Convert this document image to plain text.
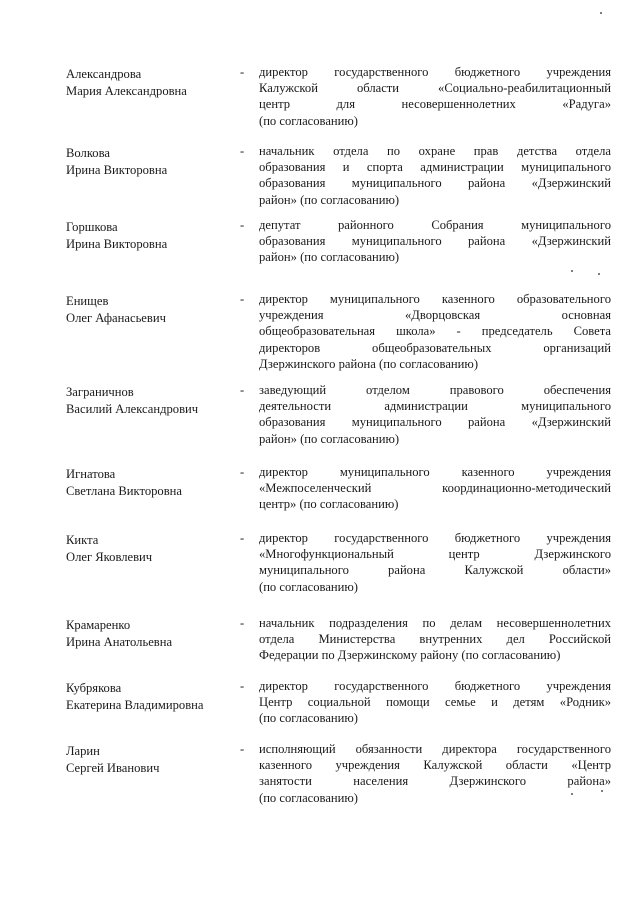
Александрова
Мария Александровна
- директор государственного бюджетного учреждения
Калужской области «Социально-реабилитационный
центр для несовершеннолетних «Радуга»
(по согласованию)
Волкова
Ирина Викторовна
- начальник отдела по охране прав детства отдела
образования и спорта администрации муниципального
образования муниципального района «Дзержинский
район» (по согласованию)
Горшкова
Ирина Викторовна
- депутат районного Собрания муниципального
образования муниципального района «Дзержинский
район» (по согласованию)
Енищев
Олег Афанасьевич
- директор муниципального казенного образовательного
учреждения «Дворцовская основная
общеобразовательная школа» - председатель Совета
директоров общеобразовательных организаций
Дзержинского района (по согласованию)
Заграничнов
Василий Александрович
- заведующий отделом правового обеспечения
деятельности администрации муниципального
образования муниципального района «Дзержинский
район» (по согласованию)
Игнатова
Светлана Викторовна
- директор муниципального казенного учреждения
«Межпоселенческий координационно-методический
центр» (по согласованию)
Кикта
Олег Яковлевич
- директор государственного бюджетного учреждения
«Многофункциональный центр Дзержинского
муниципального района Калужской области»
(по согласованию)
Крамаренко
Ирина Анатольевна
- начальник подразделения по делам несовершеннолетних
отдела Министерства внутренних дел Российской
Федерации по Дзержинскому району (по согласованию)
Кубрякова
Екатерина Владимировна
- директор государственного бюджетного учреждения
Центр социальной помощи семье и детям «Родник»
(по согласованию)
Ларин
Сергей Иванович
- исполняющий обязанности директора государственного
казенного учреждения Калужской области «Центр
занятости населения Дзержинского района»
(по согласованию)
